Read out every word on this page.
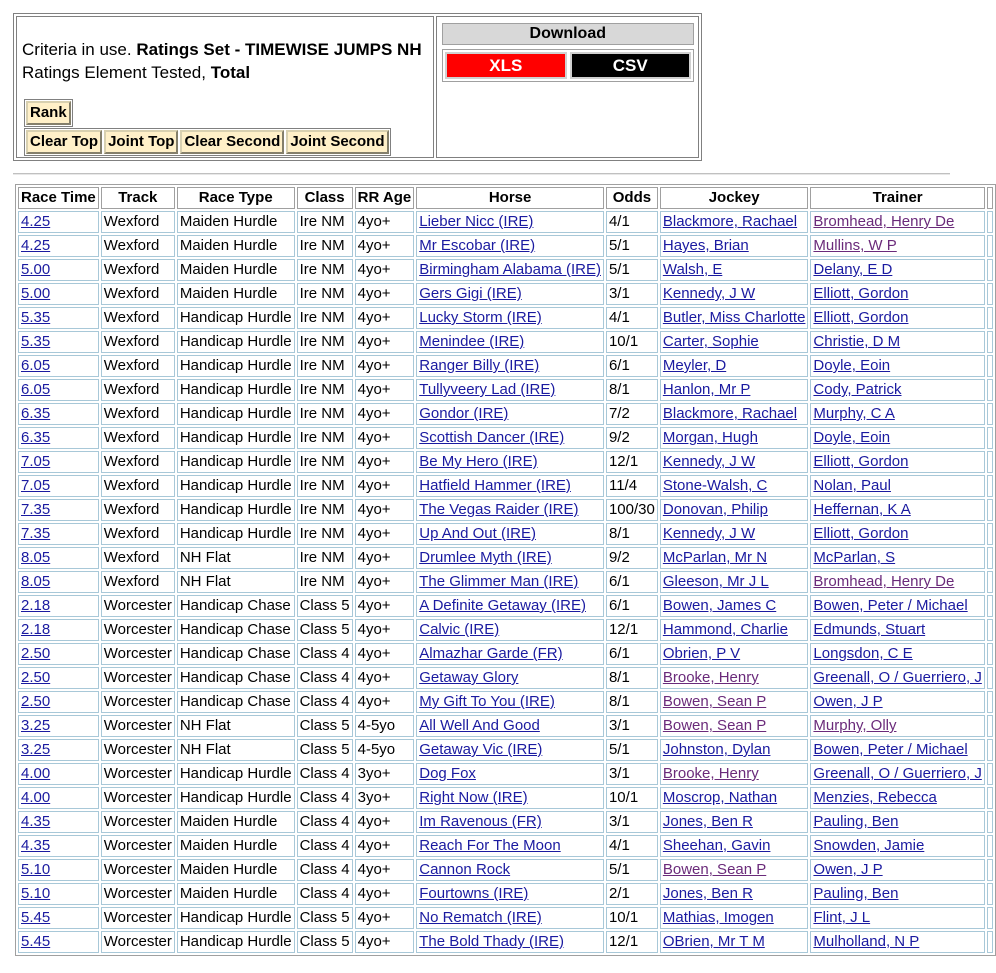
Criteria in use. Ratings Set - TIMEWISE JUMPS NH
Ratings Element Tested, Total
Rank
Clear Top Joint Top Clear Second Joint Second
Download
XLS	CSV
Race Time	Track	Race Type	Class	RR Age	Horse	Odds	Jockey	Trainer	
4.25	Wexford	Maiden Hurdle	Ire NM	4yo+	Lieber Nicc (IRE)	4/1	Blackmore, Rachael	Bromhead, Henry De	
4.25	Wexford	Maiden Hurdle	Ire NM	4yo+	Mr Escobar (IRE)	5/1	Hayes, Brian	Mullins, W P	
5.00	Wexford	Maiden Hurdle	Ire NM	4yo+	Birmingham Alabama (IRE)	5/1	Walsh, E	Delany, E D	
5.00	Wexford	Maiden Hurdle	Ire NM	4yo+	Gers Gigi (IRE)	3/1	Kennedy, J W	Elliott, Gordon	
5.35	Wexford	Handicap Hurdle	Ire NM	4yo+	Lucky Storm (IRE)	4/1	Butler, Miss Charlotte	Elliott, Gordon	
5.35	Wexford	Handicap Hurdle	Ire NM	4yo+	Menindee (IRE)	10/1	Carter, Sophie	Christie, D M	
6.05	Wexford	Handicap Hurdle	Ire NM	4yo+	Ranger Billy (IRE)	6/1	Meyler, D	Doyle, Eoin	
6.05	Wexford	Handicap Hurdle	Ire NM	4yo+	Tullyveery Lad (IRE)	8/1	Hanlon, Mr P	Cody, Patrick	
6.35	Wexford	Handicap Hurdle	Ire NM	4yo+	Gondor (IRE)	7/2	Blackmore, Rachael	Murphy, C A	
6.35	Wexford	Handicap Hurdle	Ire NM	4yo+	Scottish Dancer (IRE)	9/2	Morgan, Hugh	Doyle, Eoin	
7.05	Wexford	Handicap Hurdle	Ire NM	4yo+	Be My Hero (IRE)	12/1	Kennedy, J W	Elliott, Gordon	
7.05	Wexford	Handicap Hurdle	Ire NM	4yo+	Hatfield Hammer (IRE)	11/4	Stone-Walsh, C	Nolan, Paul	
7.35	Wexford	Handicap Hurdle	Ire NM	4yo+	The Vegas Raider (IRE)	100/30	Donovan, Philip	Heffernan, K A	
7.35	Wexford	Handicap Hurdle	Ire NM	4yo+	Up And Out (IRE)	8/1	Kennedy, J W	Elliott, Gordon	
8.05	Wexford	NH Flat	Ire NM	4yo+	Drumlee Myth (IRE)	9/2	McParlan, Mr N	McParlan, S	
8.05	Wexford	NH Flat	Ire NM	4yo+	The Glimmer Man (IRE)	6/1	Gleeson, Mr J L	Bromhead, Henry De	
2.18	Worcester	Handicap Chase	Class 5	4yo+	A Definite Getaway (IRE)	6/1	Bowen, James C	Bowen, Peter / Michael	
2.18	Worcester	Handicap Chase	Class 5	4yo+	Calvic (IRE)	12/1	Hammond, Charlie	Edmunds, Stuart	
2.50	Worcester	Handicap Chase	Class 4	4yo+	Almazhar Garde (FR)	6/1	Obrien, P V	Longsdon, C E	
2.50	Worcester	Handicap Chase	Class 4	4yo+	Getaway Glory	8/1	Brooke, Henry	Greenall, O / Guerriero, J	
2.50	Worcester	Handicap Chase	Class 4	4yo+	My Gift To You (IRE)	8/1	Bowen, Sean P	Owen, J P	
3.25	Worcester	NH Flat	Class 5	4-5yo	All Well And Good	3/1	Bowen, Sean P	Murphy, Olly	
3.25	Worcester	NH Flat	Class 5	4-5yo	Getaway Vic (IRE)	5/1	Johnston, Dylan	Bowen, Peter / Michael	
4.00	Worcester	Handicap Hurdle	Class 4	3yo+	Dog Fox	3/1	Brooke, Henry	Greenall, O / Guerriero, J	
4.00	Worcester	Handicap Hurdle	Class 4	3yo+	Right Now (IRE)	10/1	Moscrop, Nathan	Menzies, Rebecca	
4.35	Worcester	Maiden Hurdle	Class 4	4yo+	Im Ravenous (FR)	3/1	Jones, Ben R	Pauling, Ben	
4.35	Worcester	Maiden Hurdle	Class 4	4yo+	Reach For The Moon	4/1	Sheehan, Gavin	Snowden, Jamie	
5.10	Worcester	Maiden Hurdle	Class 4	4yo+	Cannon Rock	5/1	Bowen, Sean P	Owen, J P	
5.10	Worcester	Maiden Hurdle	Class 4	4yo+	Fourtowns (IRE)	2/1	Jones, Ben R	Pauling, Ben	
5.45	Worcester	Handicap Hurdle	Class 5	4yo+	No Rematch (IRE)	10/1	Mathias, Imogen	Flint, J L	
5.45	Worcester	Handicap Hurdle	Class 5	4yo+	The Bold Thady (IRE)	12/1	OBrien, Mr T M	Mulholland, N P	
